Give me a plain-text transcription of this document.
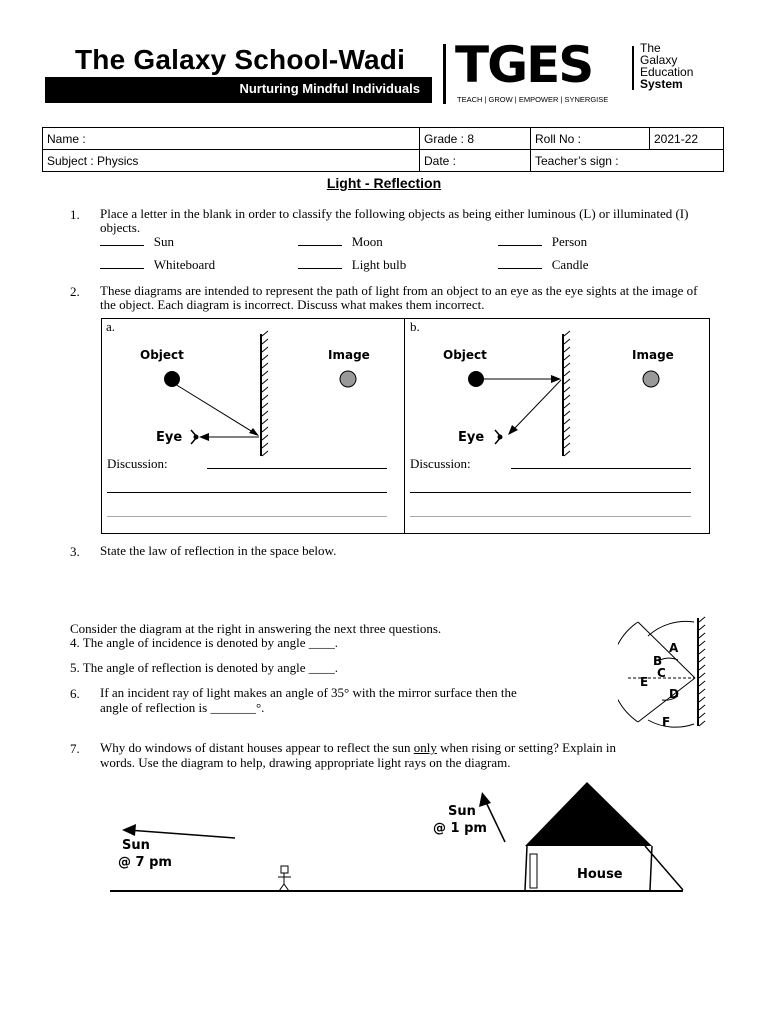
The Galaxy School-Wadi
Nurturing Mindful Individuals TGES	The
Galaxy
Education
System
TEACH | GROW | EMPOWER | SYNERGISE
Name :	Grade : 8	Roll No :	2021-22
Subject : Physics	Date :	Teacher’s sign :	
Light - Reflection
1. Place a letter in the blank in order to classify the following objects as being either luminous (L) or illuminated (I) objects.
Sun	Moon	Person
Whiteboard	Light bulb	Candle
2. These diagrams are intended to represent the path of light from an object to an eye as the eye sights at the image of the object. Each diagram is incorrect. Discuss what makes them incorrect.
a.
Object	Image
Eye
Discussion:
b.
Object	Image
Eye
Discussion:
3. State the law of reflection in the space below.
Consider the diagram at the right in answering the next three questions.
4. The angle of incidence is denoted by angle ____.
5. The angle of reflection is denoted by angle ____.
6. If an incident ray of light makes an angle of 35° with the mirror surface then the
angle of reflection is _______°.
A
B
C
D
E
F
7. Why do windows of distant houses appear to reflect the sun only when rising or setting? Explain in
words. Use the diagram to help, drawing appropriate light rays on the diagram.
Sun
@ 7 pm
Sun
@ 1 pm
House
